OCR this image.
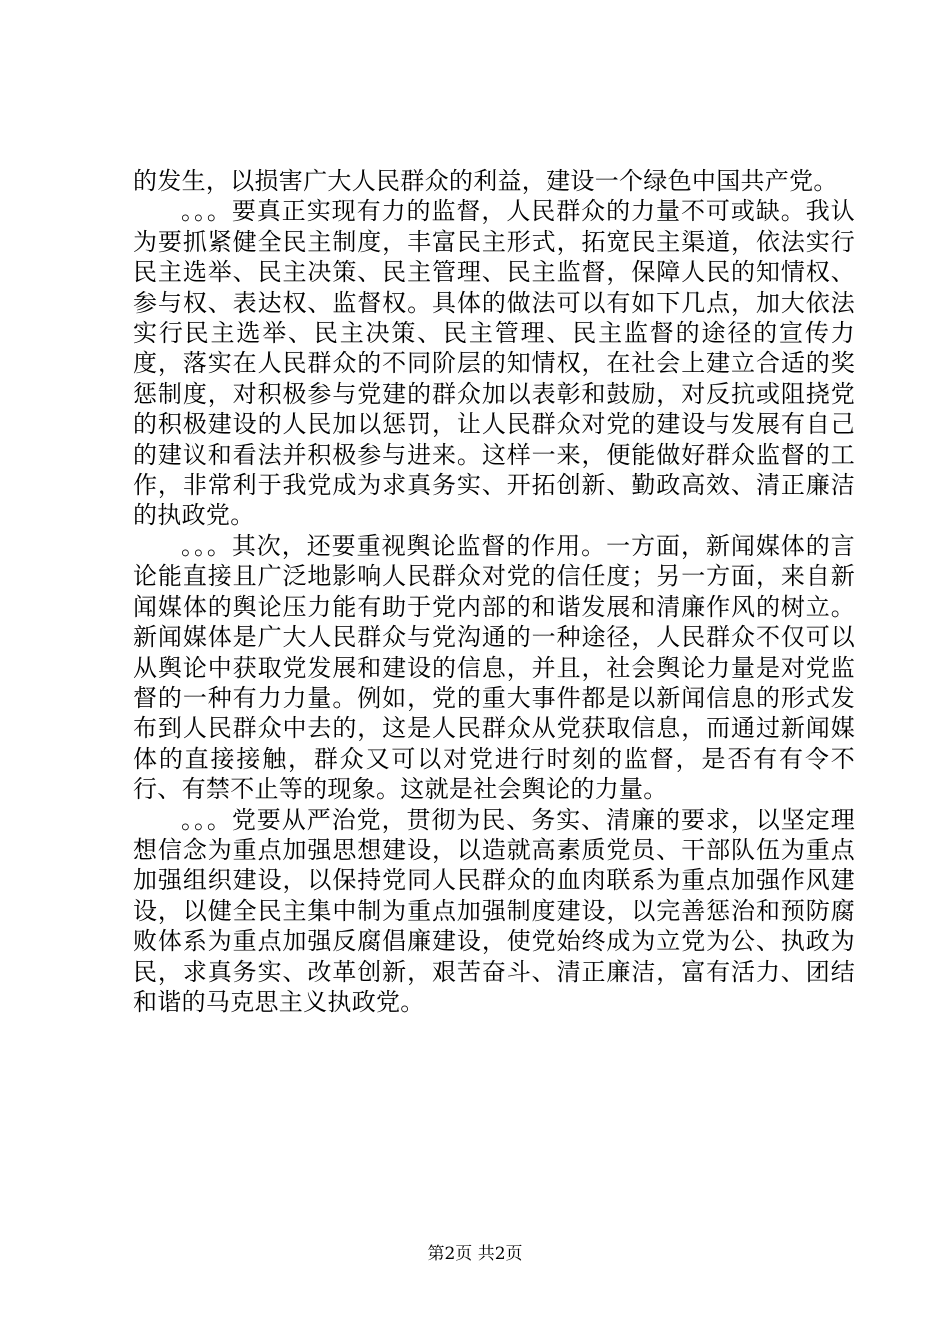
的发生，以损害广大人民群众的利益，建设一个绿色中国共产党。

。。。要真正实现有力的监督，人民群众的力量不可或缺。我认为要抓紧健全民主制度，丰富民主形式，拓宽民主渠道，依法实行民主选举、民主决策、民主管理、民主监督，保障人民的知情权、参与权、表达权、监督权。具体的做法可以有如下几点，加大依法实行民主选举、民主决策、民主管理、民主监督的途径的宣传力度，落实在人民群众的不同阶层的知情权，在社会上建立合适的奖惩制度，对积极参与党建的群众加以表彰和鼓励，对反抗或阻挠党的积极建设的人民加以惩罚，让人民群众对党的建设与发展有自己的建议和看法并积极参与进来。这样一来，便能做好群众监督的工作，非常利于我党成为求真务实、开拓创新、勤政高效、清正廉洁的执政党。

。。。其次，还要重视舆论监督的作用。一方面，新闻媒体的言论能直接且广泛地影响人民群众对党的信任度；另一方面，来自新闻媒体的舆论压力能有助于党内部的和谐发展和清廉作风的树立。新闻媒体是广大人民群众与党沟通的一种途径，人民群众不仅可以从舆论中获取党发展和建设的信息，并且，社会舆论力量是对党监督的一种有力力量。例如，党的重大事件都是以新闻信息的形式发布到人民群众中去的，这是人民群众从党获取信息，而通过新闻媒体的直接接触，群众又可以对党进行时刻的监督，是否有有令不行、有禁不止等的现象。这就是社会舆论的力量。

。。。党要从严治党，贯彻为民、务实、清廉的要求，以坚定理想信念为重点加强思想建设，以造就高素质党员、干部队伍为重点加强组织建设，以保持党同人民群众的血肉联系为重点加强作风建设，以健全民主集中制为重点加强制度建设，以完善惩治和预防腐败体系为重点加强反腐倡廉建设，使党始终成为立党为公、执政为民，求真务实、改革创新，艰苦奋斗、清正廉洁，富有活力、团结和谐的马克思主义执政党。

第2页 共2页
